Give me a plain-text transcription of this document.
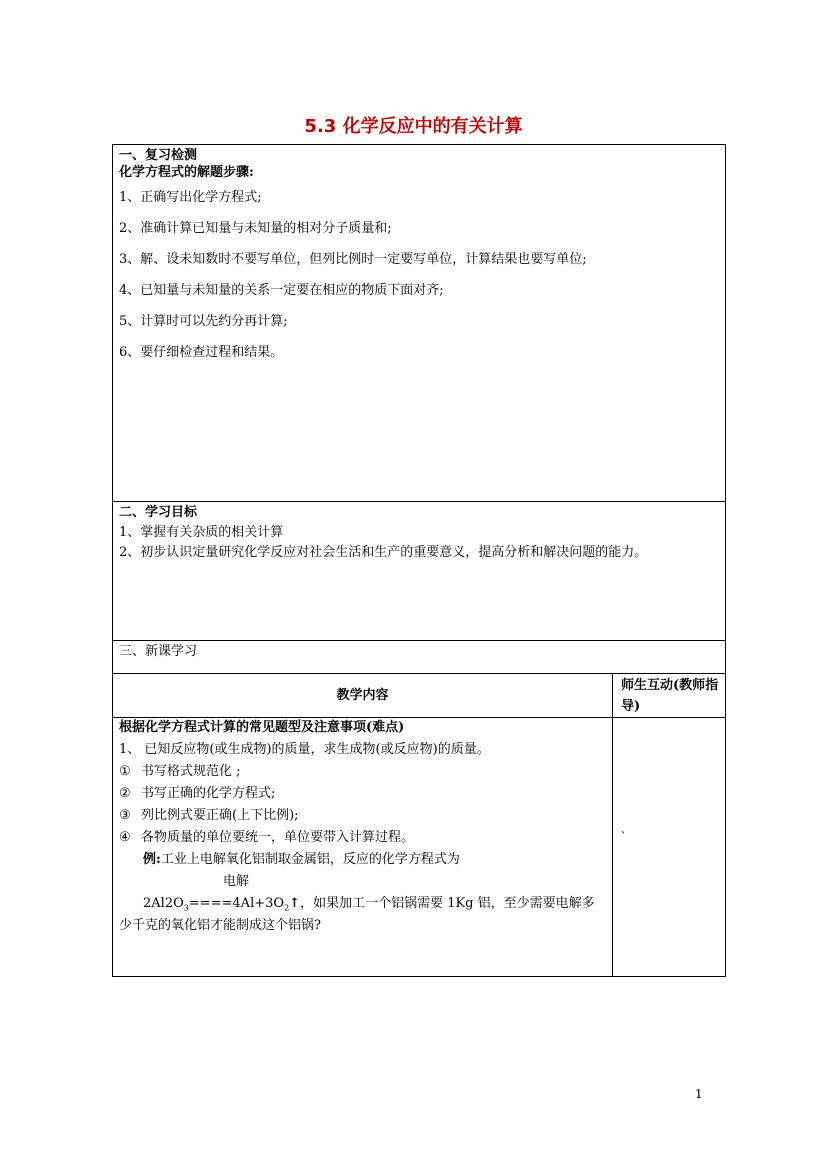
5.3 化学反应中的有关计算
一、复习检测
化学方程式的解题步骤:
1、正确写出化学方程式;
2、准确计算已知量与未知量的相对分子质量和;
3、解、设未知数时不要写单位，但列比例时一定要写单位，计算结果也要写单位;
4、已知量与未知量的关系一定要在相应的物质下面对齐;
5、计算时可以先约分再计算;
6、要仔细检查过程和结果。
二、学习目标
1、掌握有关杂质的相关计算
2、初步认识定量研究化学反应对社会生活和生产的重要意义，提高分析和解决问题的能力。
三、新课学习
教学内容
师生互动(教师指导)
根据化学方程式计算的常见题型及注意事项(难点)
1、 已知反应物(或生成物)的质量，求生成物(或反应物)的质量。
① 书写格式规范化 ;
② 书写正确的化学方程式;
③ 列比例式要正确(上下比例);
④ 各物质量的单位要统一，单位要带入计算过程。
例:工业上电解氧化铝制取金属铝，反应的化学方程式为
电解
$2Al2O_3====4Al+3O_2↑$，如果加工一个铝锅需要 1Kg 铝，至少需要电解多
少千克的氧化铝才能制成这个铝锅?
、
1
